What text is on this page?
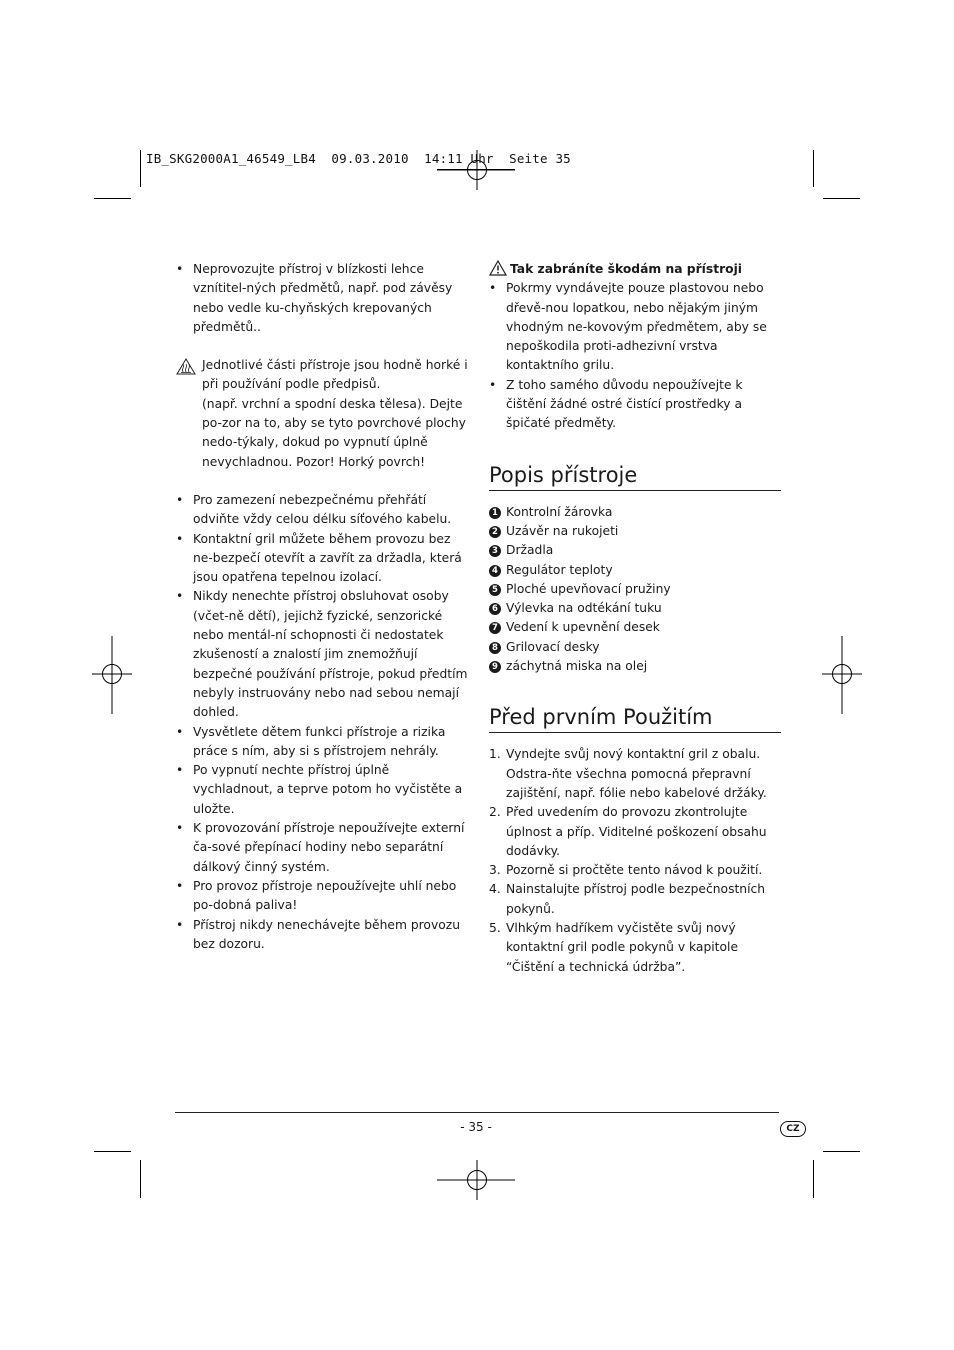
IB_SKG2000A1_46549_LB4  09.03.2010  14:11 Uhr  Seite 35
• Neprovozujte přístroj v blízkosti lehce vznítitel-ných předmětů, např. pod závěsy nebo vedle ku-chyňských krepovaných předmětů..
Jednotlivé části přístroje jsou hodně horké i při používání podle předpisů.
(např. vrchní a spodní deska tělesa). Dejte po-zor na to, aby se tyto povrchové plochy nedo-týkaly, dokud po vypnutí úplně nevychladnou. Pozor! Horký povrch!
• Pro zamezení nebezpečnému přehřátí odviňte vždy celou délku síťového kabelu.
• Kontaktní gril můžete během provozu bez ne-bezpečí otevřít a zavřít za držadla, která jsou opatřena tepelnou izolací.
• Nikdy nenechte přístroj obsluhovat osoby (včet-ně dětí), jejichž fyzické, senzorické nebo mentál-ní schopnosti či nedostatek zkušeností a znalostí jim znemožňují bezpečné používání přístroje, pokud předtím nebyly instruovány nebo nad sebou nemají dohled.
• Vysvětlete dětem funkci přístroje a rizika práce s ním, aby si s přístrojem nehrály.
• Po vypnutí nechte přístroj úplně vychladnout, a teprve potom ho vyčistěte a uložte.
• K provozování přístroje nepoužívejte externí ča-sové přepínací hodiny nebo separátní dálkový činný systém.
• Pro provoz přístroje nepoužívejte uhlí nebo po-dobná paliva!
• Přístroj nikdy nenechávejte během provozu bez dozoru.
Tak zabráníte škodám na přístroji
• Pokrmy vyndávejte pouze plastovou nebo dřevě-nou lopatkou, nebo nějakým jiným vhodným ne-kovovým předmětem, aby se nepoškodila proti-adhezivní vrstva kontaktního grilu.
• Z toho samého důvodu nepoužívejte k čištění žádné ostré čistící prostředky a špičaté předměty.
Popis přístroje
1 Kontrolní žárovka
2 Uzávěr na rukojeti
3 Držadla
4 Regulátor teploty
5 Ploché upevňovací pružiny
6 Výlevka na odtékání tuku
7 Vedení k upevnění desek
8 Grilovací desky
9 záchytná miska na olej
Před prvním Použitím
1. Vyndejte svůj nový kontaktní gril z obalu. Odstra-ňte všechna pomocná přepravní zajištění, např. fólie nebo kabelové držáky.
2. Před uvedením do provozu zkontrolujte úplnost a příp. Viditelné poškození obsahu dodávky.
3. Pozorně si pročtěte tento návod k použití.
4. Nainstalujte přístroj podle bezpečnostních pokynů.
5. Vlhkým hadříkem vyčistěte svůj nový kontaktní gril podle pokynů v kapitole “Čištění a technická údržba”.
- 35 -	CZ
